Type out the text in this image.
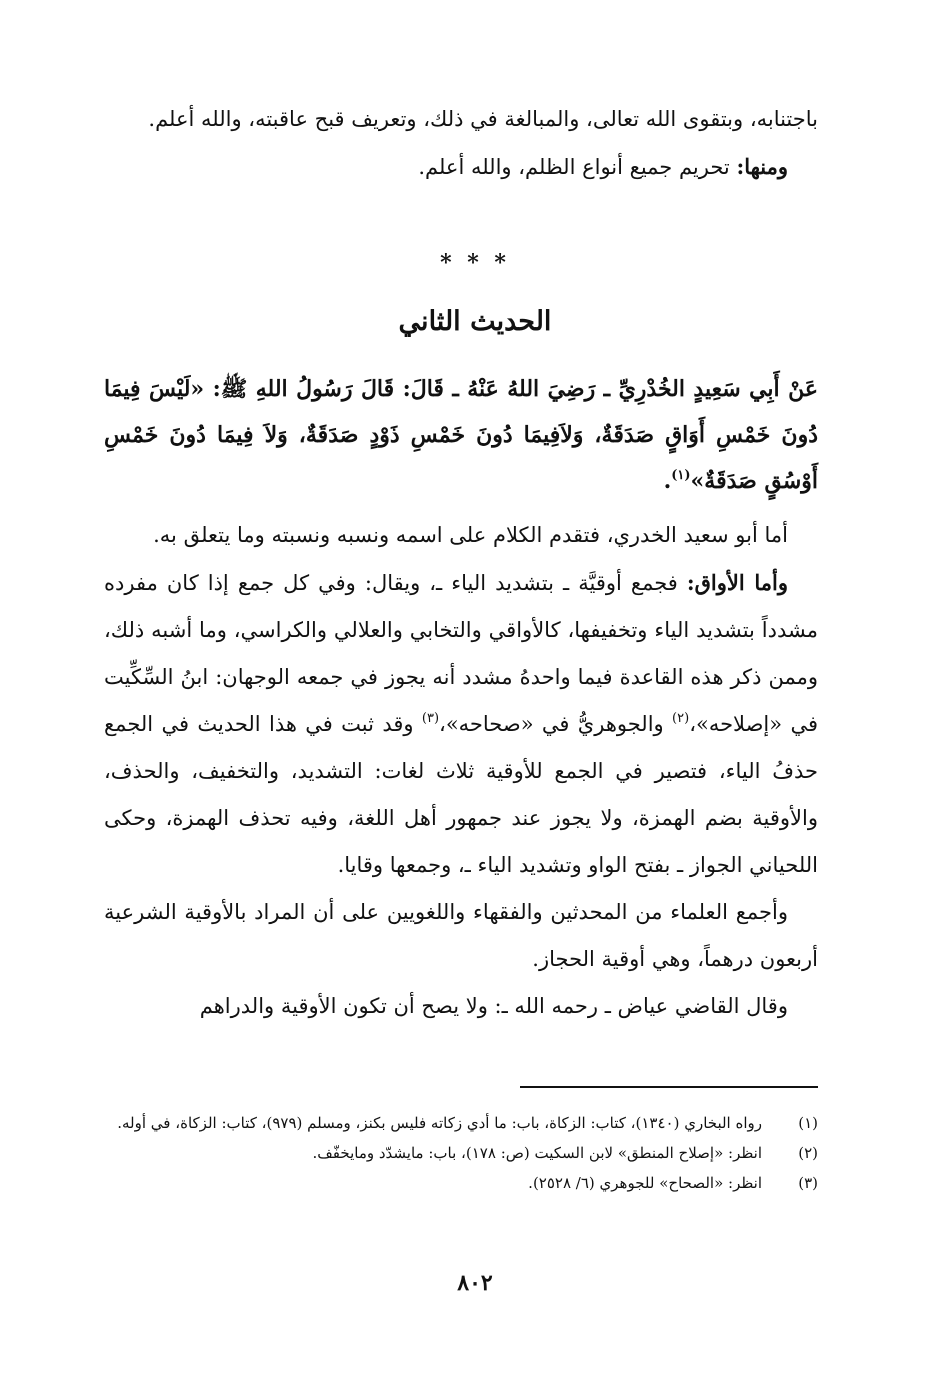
باجتنابه، وبتقوى الله تعالى، والمبالغة في ذلك، وتعريف قبح عاقبته، والله أعلم.

ومنها: تحريم جميع أنواع الظلم، والله أعلم.

* * *
الحديث الثاني

عَنْ أَبِي سَعِيدٍ الخُدْرِيِّ ـ رَضِيَ اللهُ عَنْهُ ـ قَالَ: قَالَ رَسُولُ اللهِ ﷺ: «لَيْسَ فِيمَا دُونَ خَمْسِ أَوَاقٍ صَدَقَةٌ، وَلاَفِيمَا دُونَ خَمْسِ ذَوْدٍ صَدَقَةٌ، وَلاَ فِيمَا دُونَ خَمْسِ أَوْسُقٍ صَدَقَةٌ»$^{(١)}$.

أما أبو سعيد الخدري، فتقدم الكلام على اسمه ونسبه ونسبته وما يتعلق به.

وأما الأواق: فجمع أوقيَّة ـ بتشديد الياء ـ، ويقال: وفي كل جمع إذا كان مفرده مشدداً بتشديد الياء وتخفيفها، كالأواقي والتخابي والعلالي والكراسي، وما أشبه ذلك، وممن ذكر هذه القاعدة فيما واحدهُ مشدد أنه يجوز في جمعه الوجهان: ابنُ السِّكِّيت في «إصلاحه»،$^{(٢)}$ والجوهريُّ في «صحاحه»،$^{(٣)}$ وقد ثبت في هذا الحديث في الجمع حذفُ الياء، فتصير في الجمع للأوقية ثلاث لغات: التشديد، والتخفيف، والحذف، والأوقية بضم الهمزة، ولا يجوز عند جمهور أهل اللغة، وفيه تحذف الهمزة، وحكى اللحياني الجواز ـ بفتح الواو وتشديد الياء ـ، وجمعها وقايا.

وأجمع العلماء من المحدثين والفقهاء واللغويين على أن المراد بالأوقية الشرعية أربعون درهماً، وهي أوقية الحجاز.

وقال القاضي عياض ـ رحمه الله ـ: ولا يصح أن تكون الأوقية والدراهم

(١)
رواه البخاري (١٣٤٠)، كتاب: الزكاة، باب: ما أدي زكاته فليس بكنز، ومسلم (٩٧٩)، كتاب: الزكاة، في أوله.
(٢)
انظر: «إصلاح المنطق» لابن السكيت (ص: ١٧٨)، باب: مايشدّد ومايخفّف.
(٣)
انظر: «الصحاح» للجوهري (٦/ ٢٥٢٨).
٨٠٢
